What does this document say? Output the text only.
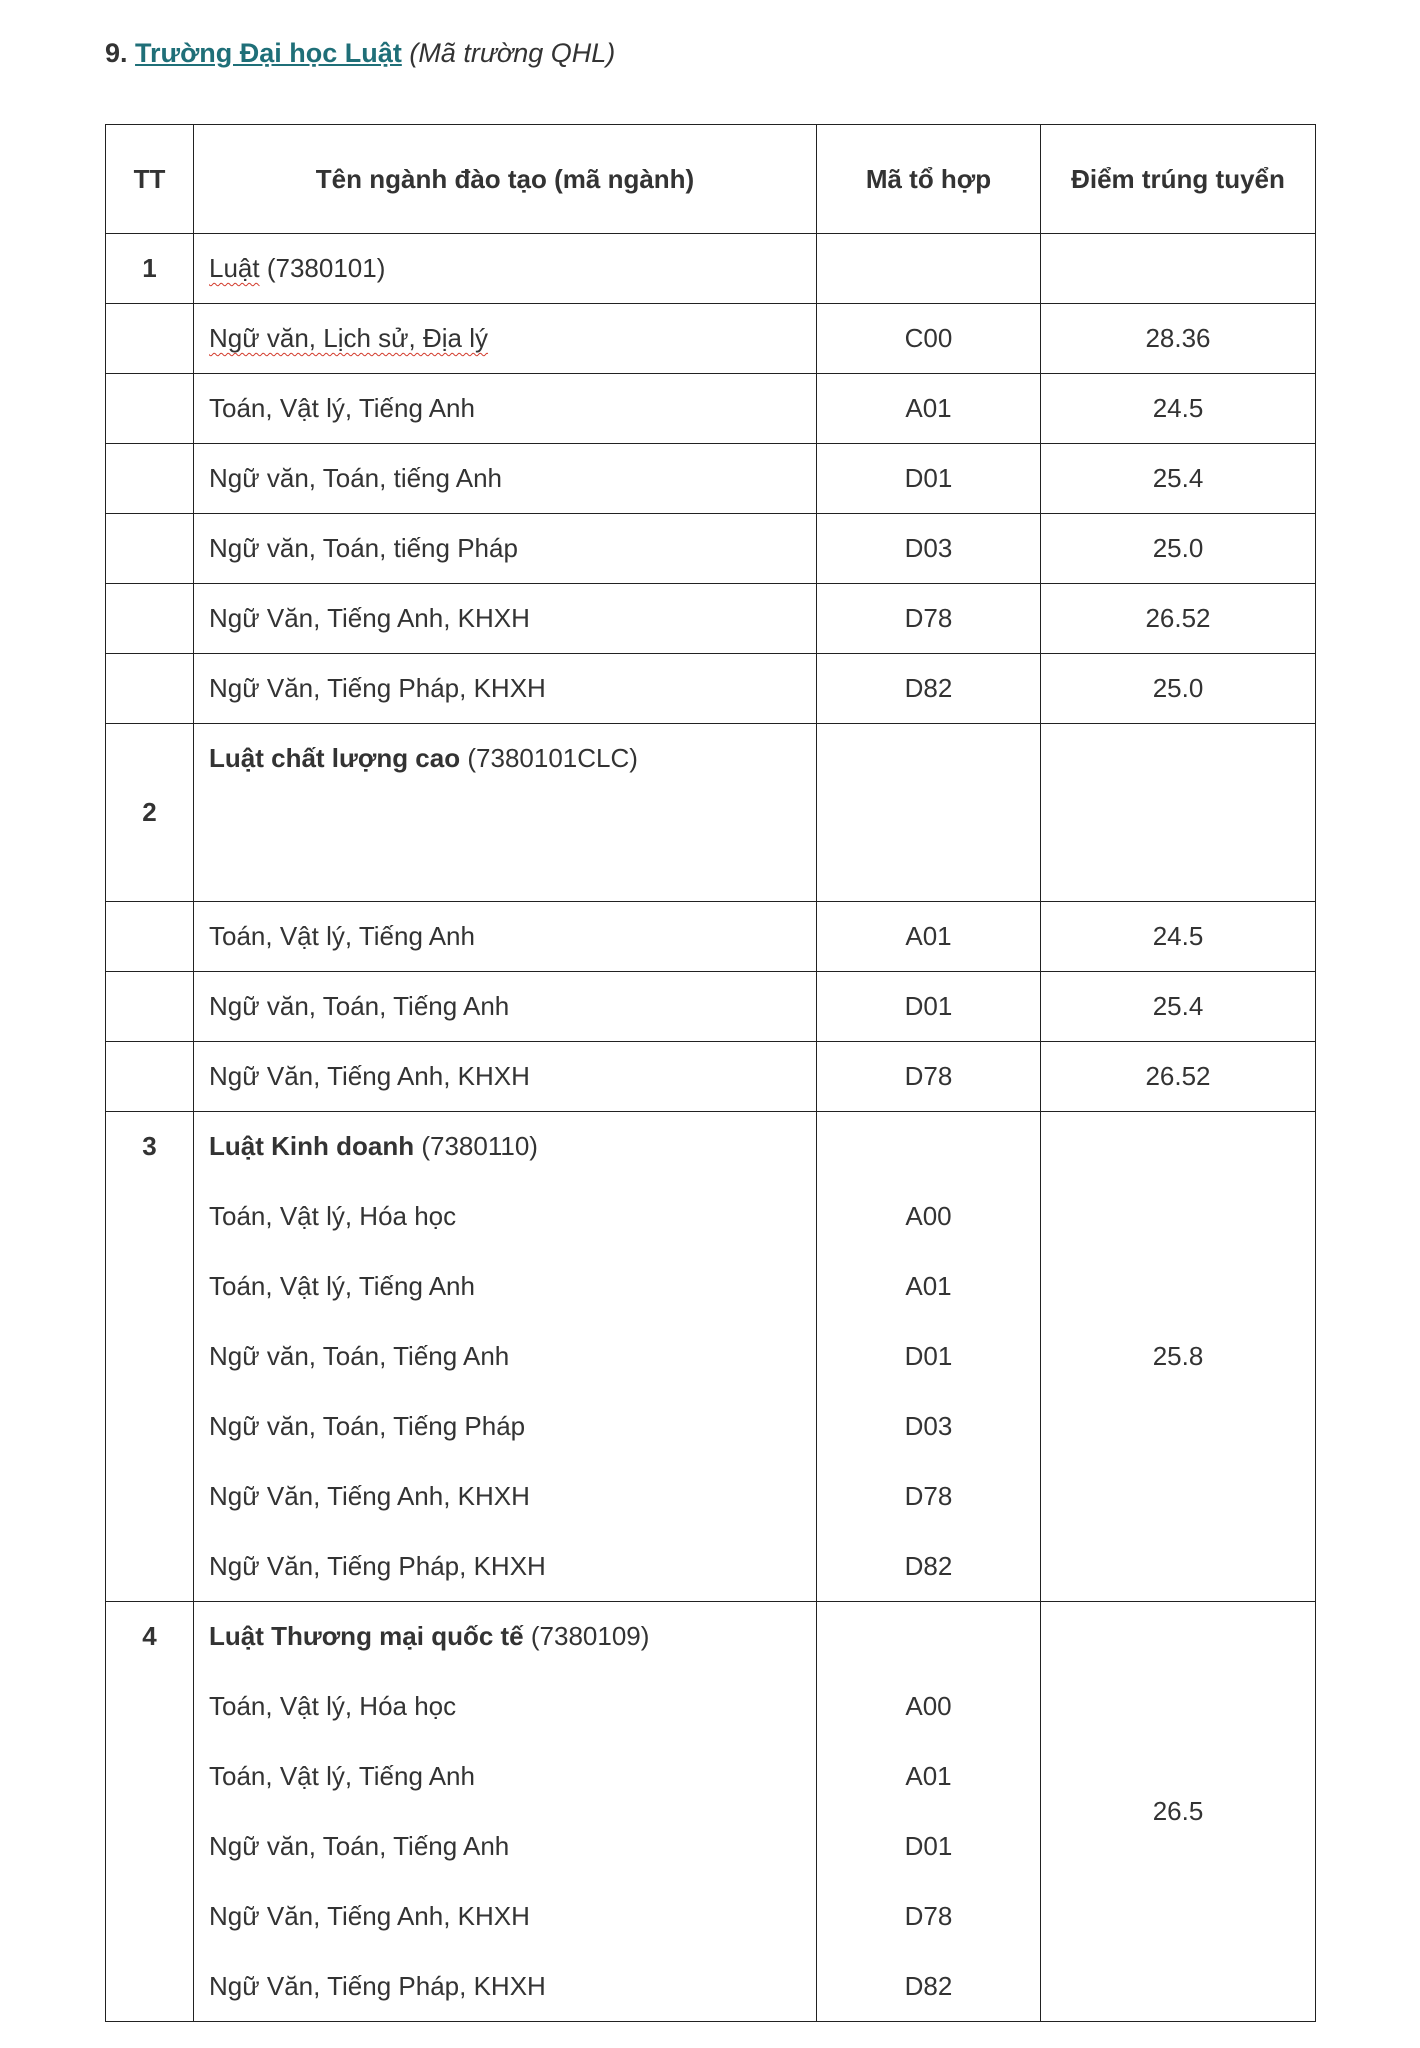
9. Trường Đại học Luật (Mã trường QHL)
TT	Tên ngành đào tạo (mã ngành)	Mã tổ hợp	Điểm trúng tuyển
1	Luật (7380101)		
	Ngữ văn, Lịch sử, Địa lý	C00	28.36
	Toán, Vật lý, Tiếng Anh	A01	24.5
	Ngữ văn, Toán, tiếng Anh	D01	25.4
	Ngữ văn, Toán, tiếng Pháp	D03	25.0
	Ngữ Văn, Tiếng Anh, KHXH	D78	26.52
	Ngữ Văn, Tiếng Pháp, KHXH	D82	25.0
2	Luật chất lượng cao (7380101CLC)		
	Toán, Vật lý, Tiếng Anh	A01	24.5
	Ngữ văn, Toán, Tiếng Anh	D01	25.4
	Ngữ Văn, Tiếng Anh, KHXH	D78	26.52
3	Luật Kinh doanh (7380110)		25.8
	Toán, Vật lý, Hóa học	A00	
	Toán, Vật lý, Tiếng Anh	A01	
	Ngữ văn, Toán, Tiếng Anh	D01	
	Ngữ văn, Toán, Tiếng Pháp	D03	
	Ngữ Văn, Tiếng Anh, KHXH	D78	
	Ngữ Văn, Tiếng Pháp, KHXH	D82	
4	Luật Thương mại quốc tế (7380109)		26.5
	Toán, Vật lý, Hóa học	A00	
	Toán, Vật lý, Tiếng Anh	A01	
	Ngữ văn, Toán, Tiếng Anh	D01	
	Ngữ Văn, Tiếng Anh, KHXH	D78	
	Ngữ Văn, Tiếng Pháp, KHXH	D82	
